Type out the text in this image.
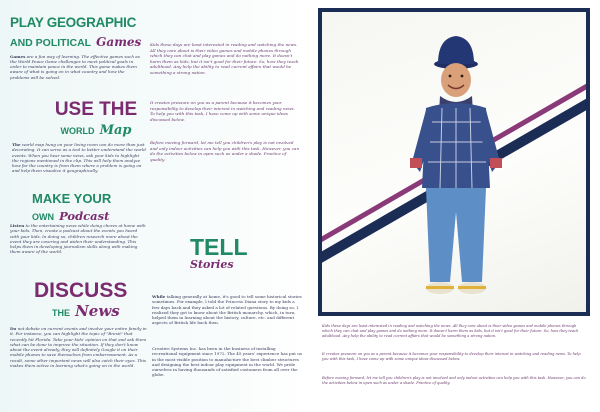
PLAY GEOGRAPHIC
AND POLITICAL Games
Games are a fun way of learning. The effective games such as the World Peace Game challenges to meet political goals in order to maintain peace in the world. This game makes them aware of what is going on in what country and how the problems will be solved.
USE THE
WORLD Map
The world map hung on your living room can do more than just decorating. It can serve as a tool to better understand the world events. When you hear some news, ask your kids to highlight the regions mentioned in the clip. This will help them analyze how far the country is from them where a problem is going on and help them visualize it geographically.
MAKE YOUR
OWN Podcast
Listen to the entertaining news while doing chores at home with your kids. Then, create a podcast about the events you heard with your kids. In doing so, children research more about the event they are covering and widen their understanding. This helps them in developing journalism skills along with making them aware of the world.
DISCUSS
THE News
Do not debate on current events and involve your entire family in it. For instance, you can highlight the topic of "Brexit" that recently hit Florida. Take your kids' opinion on that and ask them what can be done to improve the situation. If they don't know about the event already, they will definitely Google it on their mobile phones to save themselves from embarrassment. As a result, some other important news will also catch their eyes. This makes them active in learning what's going on in the world.
Kids these days are least interested in reading and watching the news. All they care about is their video games and mobile phones through which they can chat and play games and do nothing more. It doesn't harm them as kids, but it isn't good for their future. So, how they teach adulthood. Any help the ability to read current affairs that would be something a strong nation.
It creates pressure on you as a parent because it becomes your responsibility to develop their interest in watching and reading news. To help you with this task, I have come up with some unique ideas discussed below.
Before moving forward, let me tell you children's play is not involved and only indoor activities can help you with this task. However, you can do the activities below in open such as under a shade. Practice of quality.
TELL
Stories
While talking generally at home, it's good to tell some historical stories sometimes. For example, I told the Princess Diana story to my kids a few days back and they asked a lot of related questions. By doing so, I realized they got to know about the British monarchy, which, in turn, helped them in learning about the history, culture, etc. and different aspects of British life back then.
Creative Systems Inc. has been in the business of installing recreational equipment since 1972. The 45 years' experience has put us in the most visible position to manufacture the best climber structures and designing the best indoor play equipment in the world. We pride ourselves in having thousands of satisfied customers from all over the globe.
Kids these days are least interested in reading and watching the news. All they care about is their video games and mobile phones through which they can chat and play games and do nothing more. It doesn't harm them as kids, but it isn't good for their future. So, how they teach adulthood. Any help the ability to read current affairs that would be something a strong nation.
It creates pressure on you as a parent because it becomes your responsibility to develop their interest in watching and reading news. To help you with this task, I have come up with some unique ideas discussed below.
Before moving forward, let me tell you children's play is not involved and only indoor activities can help you with this task. However, you can do the activities below in open such as under a shade. Practice of quality.
